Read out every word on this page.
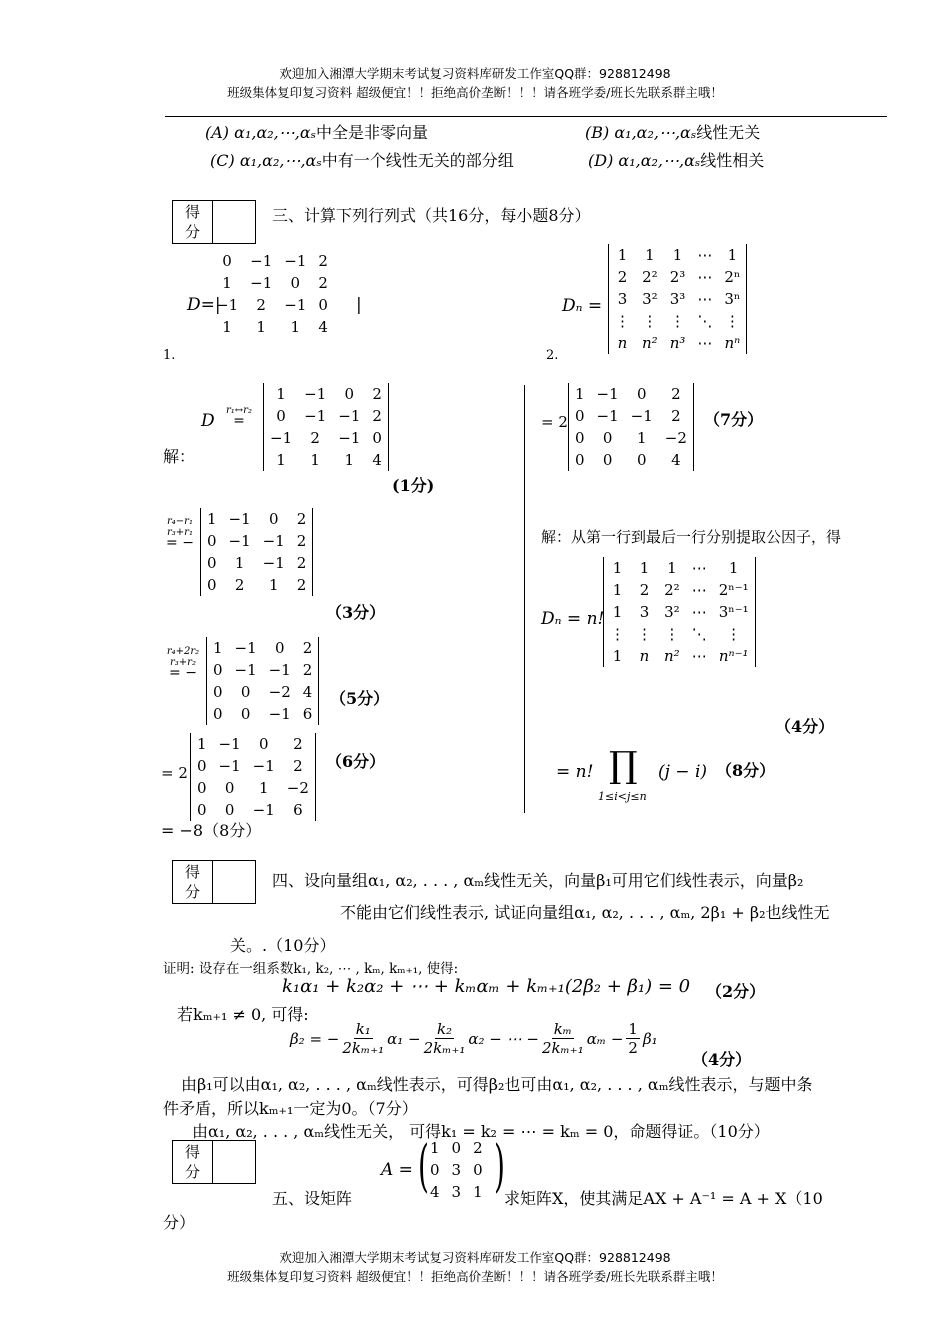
欢迎加入湘潭大学期末考试复习资料库研发工作室QQ群：928812498
班级集体复印复习资料 超级便宜！！拒绝高价垄断！！！请各班学委/班长先联系群主哦！
(A) α₁,α₂,⋯,αₛ中全是非零向量	(B) α₁,α₂,⋯,αₛ线性无关
(C) α₁,α₂,⋯,αₛ中有一个线性无关的部分组	(D) α₁,α₂,⋯,αₛ线性相关
得
分
三、计算下列行列式（共16分，每小题8分）
1.
D=|
0	−1	−1	2
1	−1	0	2
−1	2	−1	0
1	1	1	4
|
2.
Dₙ =
1	1	1	⋯	1
2	2²	2³	⋯	2ⁿ
3	3²	3³	⋯	3ⁿ
⋮	⋮	⋮	⋱	⋮
n	n²	n³	⋯	nⁿ
解：
D
r₁↔r₂
=
1	−1	0	2
0	−1	−1	2
−1	2	−1	0
1	1	1	4
(1分)
r₄−r₁
r₃+r₁
= −
1	−1	0	2
0	−1	−1	2
0	1	−1	2
0	2	1	2
（3分）
r₄+2r₂
r₃+r₂
= −
1	−1	0	2
0	−1	−1	2
0	0	−2	4
0	0	−1	6
（5分）
= 2
1	−1	0	2
0	−1	−1	2
0	0	1	−2
0	0	−1	6
（6分）
= −8（8分）
= 2
1	−1	0	2
0	−1	−1	2
0	0	1	−2
0	0	0	4
（7分）
解：从第一行到最后一行分别提取公因子，得
Dₙ = n!
1	1	1	⋯	1
1	2	2²	⋯	2ⁿ⁻¹
1	3	3²	⋯	3ⁿ⁻¹
⋮	⋮	⋮	⋱	⋮
1	n	n²	⋯	nⁿ⁻¹
（4分）
= n! ∏
1≤i<j≤n
(j − i) （8分）
得
分
四、设向量组α₁, α₂, . . . , αₘ线性无关，向量β₁可用它们线性表示，向量β₂
不能由它们线性表示, 试证向量组α₁, α₂, . . . , αₘ, 2β₁ + β₂也线性无
关。.（10分）
证明: 设存在一组系数k₁, k₂, ⋯ , kₘ, kₘ₊₁, 使得:
k₁α₁ + k₂α₂ + ⋯ + kₘαₘ + kₘ₊₁(2β₂ + β₁) = 0 （2分）
若kₘ₊₁ ≠ 0, 可得:
β₂ = − $\frac{\text{k₁}}{\text{2kₘ₊₁}} \alpha_1 - \frac{\text{k₂}}{\text{2kₘ₊₁}} \alpha_2$ − ⋯ − $\frac{\text{kₘ}}{\text{2kₘ₊₁}}$ $\alpha_m - \frac{1}{2} \beta_1$
（4分）
由β₁可以由α₁, α₂, . . . , αₘ线性表示，可得β₂也可由α₁, α₂, . . . , αₘ线性表示，与题中条
件矛盾，所以kₘ₊₁一定为0。（7分）
由α₁, α₂, . . . , αₘ线性无关， 可得k₁ = k₂ = ⋯ = kₘ = 0，命题得证。（10分）
得
分	A = ( 1	0	2
0	3	0
4	3	1 )
五、设矩阵	求矩阵X，使其满足AX + A⁻¹ = A + X（10
分）
欢迎加入湘潭大学期末考试复习资料库研发工作室QQ群：928812498
班级集体复印复习资料 超级便宜！！拒绝高价垄断！！！请各班学委/班长先联系群主哦！
